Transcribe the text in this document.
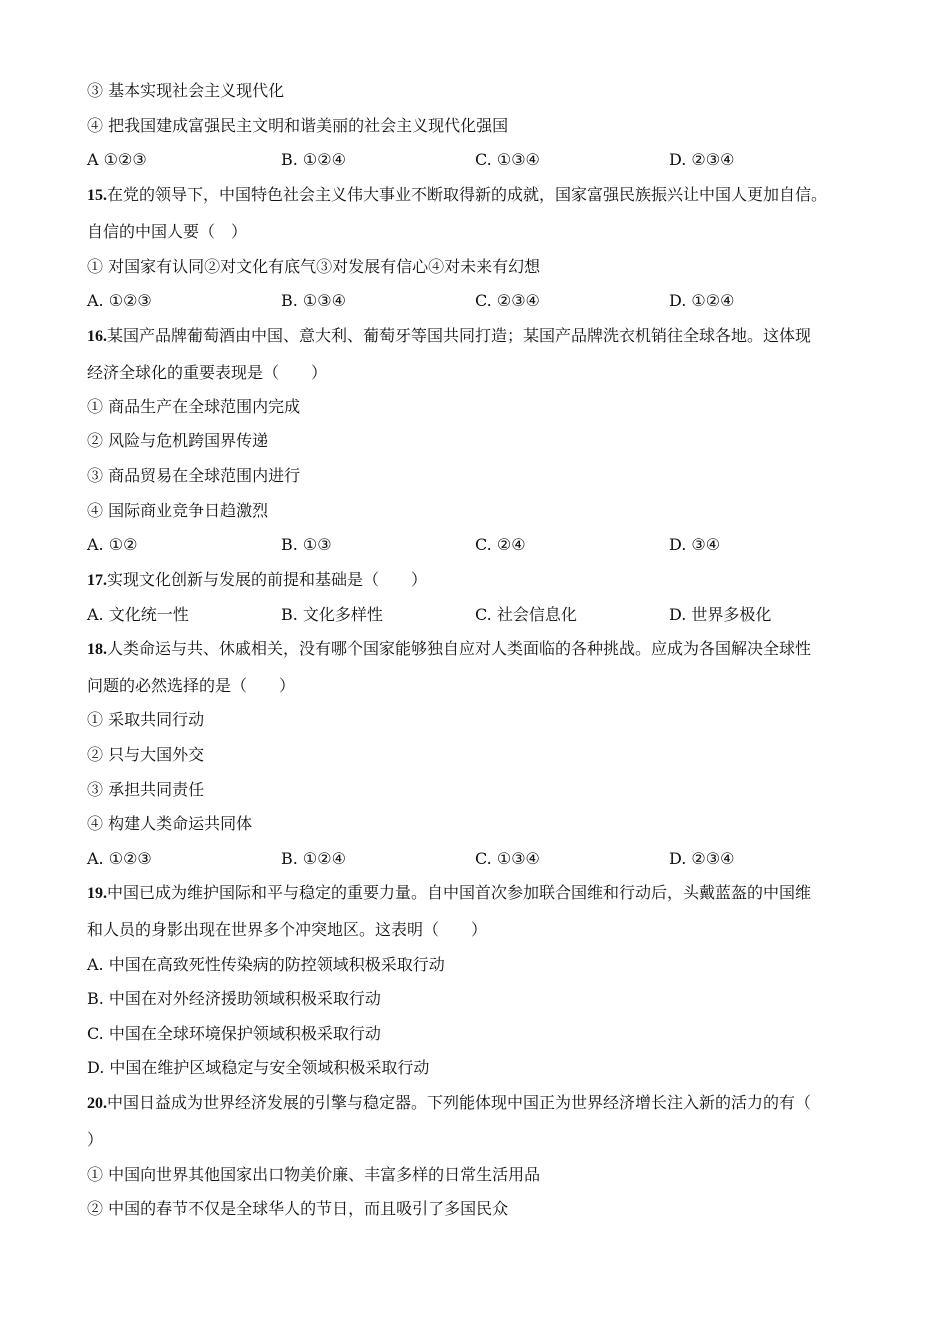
③ 基本实现社会主义现代化
④ 把我国建成富强民主文明和谐美丽的社会主义现代化强国
A ①②③	B. ①②④	C. ①③④	D. ②③④
15.在党的领导下，中国特色社会主义伟大事业不断取得新的成就，国家富强民族振兴让中国人更加自信。
自信的中国人要（　）
① 对国家有认同②对文化有底气③对发展有信心④对未来有幻想
A. ①②③	B. ①③④	C. ②③④	D. ①②④
16.某国产品牌葡萄酒由中国、意大利、葡萄牙等国共同打造；某国产品牌洗衣机销往全球各地。这体现
经济全球化的重要表现是（　　）
① 商品生产在全球范围内完成
② 风险与危机跨国界传递
③ 商品贸易在全球范围内进行
④ 国际商业竞争日趋激烈
A. ①②	B. ①③	C. ②④	D. ③④
17.实现文化创新与发展的前提和基础是（　　）
A. 文化统一性	B. 文化多样性	C. 社会信息化	D. 世界多极化
18.人类命运与共、休戚相关，没有哪个国家能够独自应对人类面临的各种挑战。应成为各国解决全球性
问题的必然选择的是（　　）
① 采取共同行动
② 只与大国外交
③ 承担共同责任
④ 构建人类命运共同体
A. ①②③	B. ①②④	C. ①③④	D. ②③④
19.中国已成为维护国际和平与稳定的重要力量。自中国首次参加联合国维和行动后，头戴蓝盔的中国维
和人员的身影出现在世界多个冲突地区。这表明（　　）
A. 中国在高致死性传染病的防控领域积极采取行动
B. 中国在对外经济援助领域积极采取行动
C. 中国在全球环境保护领域积极采取行动
D. 中国在维护区域稳定与安全领域积极采取行动
20.中国日益成为世界经济发展的引擎与稳定器。下列能体现中国正为世界经济增长注入新的活力的有（
）
① 中国向世界其他国家出口物美价廉、丰富多样的日常生活用品
② 中国的春节不仅是全球华人的节日，而且吸引了多国民众
